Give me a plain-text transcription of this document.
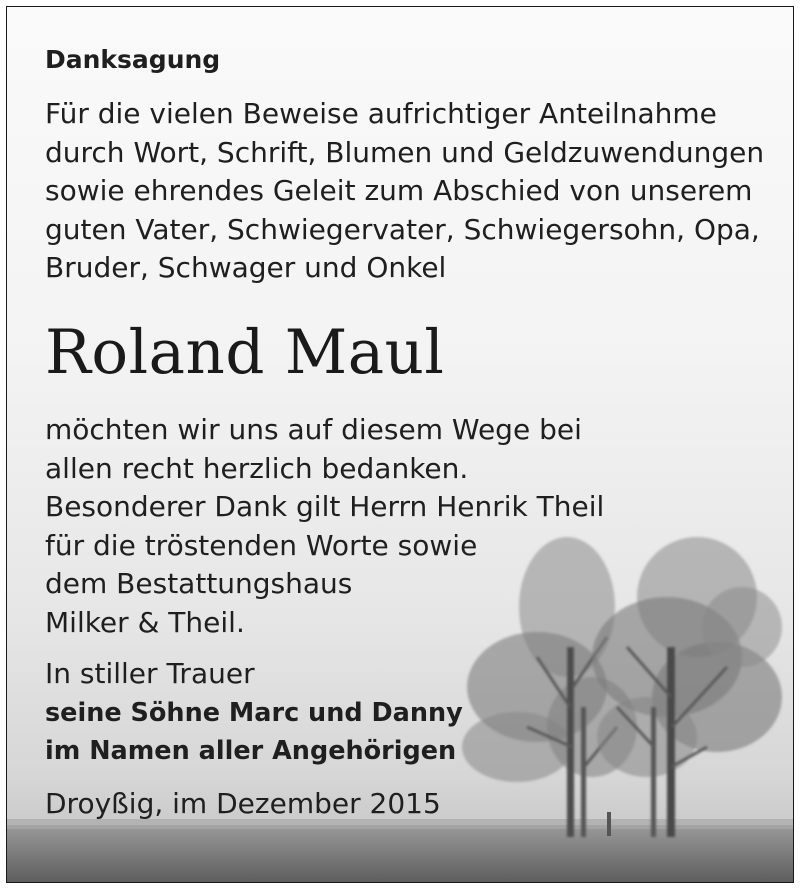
Danksagung
Für die vielen Beweise aufrichtiger Anteilnahme
durch Wort, Schrift, Blumen und Geldzuwendungen
sowie ehrendes Geleit zum Abschied von unserem
guten Vater, Schwiegervater, Schwiegersohn, Opa,
Bruder, Schwager und Onkel
Roland Maul
möchten wir uns auf diesem Wege bei
allen recht herzlich bedanken.
Besonderer Dank gilt Herrn Henrik Theil
für die tröstenden Worte sowie
dem Bestattungshaus
Milker & Theil.
In stiller Trauer
seine Söhne Marc und Danny
im Namen aller Angehörigen
Droyßig, im Dezember 2015
